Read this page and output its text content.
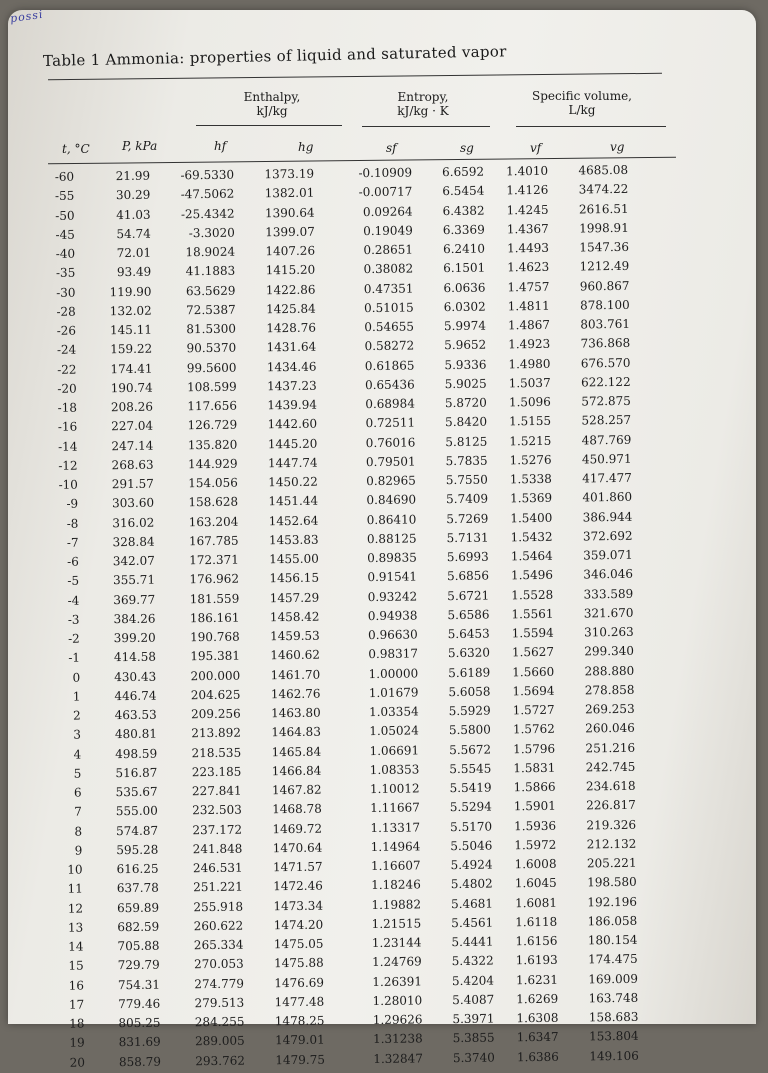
possi
Table 1 Ammonia: properties of liquid and saturated vapor
Enthalpy,
kJ/kg
Entropy,
kJ/kg · K
Specific volume,
L/kg
t, °C	P, kPa	hf	hg	sf	sg	vf	vg
-60	21.99	-69.5330	1373.19	-0.10909	6.6592	1.4010	4685.08
-55	30.29	-47.5062	1382.01	-0.00717	6.5454	1.4126	3474.22
-50	41.03	-25.4342	1390.64	0.09264	6.4382	1.4245	2616.51
-45	54.74	-3.3020	1399.07	0.19049	6.3369	1.4367	1998.91
-40	72.01	18.9024	1407.26	0.28651	6.2410	1.4493	1547.36
-35	93.49	41.1883	1415.20	0.38082	6.1501	1.4623	1212.49
-30	119.90	63.5629	1422.86	0.47351	6.0636	1.4757	960.867
-28	132.02	72.5387	1425.84	0.51015	6.0302	1.4811	878.100
-26	145.11	81.5300	1428.76	0.54655	5.9974	1.4867	803.761
-24	159.22	90.5370	1431.64	0.58272	5.9652	1.4923	736.868
-22	174.41	99.5600	1434.46	0.61865	5.9336	1.4980	676.570
-20	190.74	108.599	1437.23	0.65436	5.9025	1.5037	622.122
-18	208.26	117.656	1439.94	0.68984	5.8720	1.5096	572.875
-16	227.04	126.729	1442.60	0.72511	5.8420	1.5155	528.257
-14	247.14	135.820	1445.20	0.76016	5.8125	1.5215	487.769
-12	268.63	144.929	1447.74	0.79501	5.7835	1.5276	450.971
-10	291.57	154.056	1450.22	0.82965	5.7550	1.5338	417.477
-9	303.60	158.628	1451.44	0.84690	5.7409	1.5369	401.860
-8	316.02	163.204	1452.64	0.86410	5.7269	1.5400	386.944
-7	328.84	167.785	1453.83	0.88125	5.7131	1.5432	372.692
-6	342.07	172.371	1455.00	0.89835	5.6993	1.5464	359.071
-5	355.71	176.962	1456.15	0.91541	5.6856	1.5496	346.046
-4	369.77	181.559	1457.29	0.93242	5.6721	1.5528	333.589
-3	384.26	186.161	1458.42	0.94938	5.6586	1.5561	321.670
-2	399.20	190.768	1459.53	0.96630	5.6453	1.5594	310.263
-1	414.58	195.381	1460.62	0.98317	5.6320	1.5627	299.340
0	430.43	200.000	1461.70	1.00000	5.6189	1.5660	288.880
1	446.74	204.625	1462.76	1.01679	5.6058	1.5694	278.858
2	463.53	209.256	1463.80	1.03354	5.5929	1.5727	269.253
3	480.81	213.892	1464.83	1.05024	5.5800	1.5762	260.046
4	498.59	218.535	1465.84	1.06691	5.5672	1.5796	251.216
5	516.87	223.185	1466.84	1.08353	5.5545	1.5831	242.745
6	535.67	227.841	1467.82	1.10012	5.5419	1.5866	234.618
7	555.00	232.503	1468.78	1.11667	5.5294	1.5901	226.817
8	574.87	237.172	1469.72	1.13317	5.5170	1.5936	219.326
9	595.28	241.848	1470.64	1.14964	5.5046	1.5972	212.132
10	616.25	246.531	1471.57	1.16607	5.4924	1.6008	205.221
11	637.78	251.221	1472.46	1.18246	5.4802	1.6045	198.580
12	659.89	255.918	1473.34	1.19882	5.4681	1.6081	192.196
13	682.59	260.622	1474.20	1.21515	5.4561	1.6118	186.058
14	705.88	265.334	1475.05	1.23144	5.4441	1.6156	180.154
15	729.79	270.053	1475.88	1.24769	5.4322	1.6193	174.475
16	754.31	274.779	1476.69	1.26391	5.4204	1.6231	169.009
17	779.46	279.513	1477.48	1.28010	5.4087	1.6269	163.748
18	805.25	284.255	1478.25	1.29626	5.3971	1.6308	158.683
19	831.69	289.005	1479.01	1.31238	5.3855	1.6347	153.804
20	858.79	293.762	1479.75	1.32847	5.3740	1.6386	149.106
